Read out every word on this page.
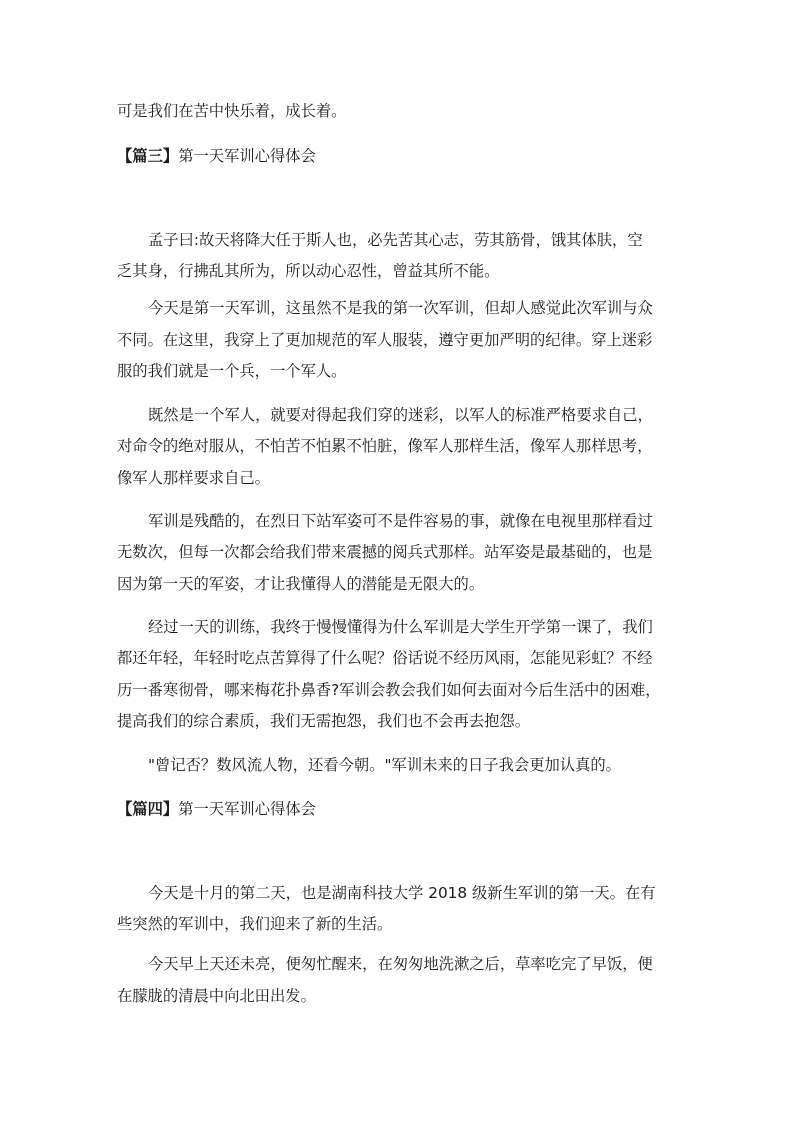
可是我们在苦中快乐着，成长着。
【篇三】第一天军训心得体会
孟子曰:故天将降大任于斯人也，必先苦其心志，劳其筋骨，饿其体肤，空
乏其身，行拂乱其所为，所以动心忍性，曾益其所不能。
今天是第一天军训，这虽然不是我的第一次军训，但却人感觉此次军训与众
不同。在这里，我穿上了更加规范的军人服装，遵守更加严明的纪律。穿上迷彩
服的我们就是一个兵，一个军人。
既然是一个军人，就要对得起我们穿的迷彩，以军人的标准严格要求自己，
对命令的绝对服从，不怕苦不怕累不怕脏，像军人那样生活，像军人那样思考，
像军人那样要求自己。
军训是残酷的，在烈日下站军姿可不是件容易的事，就像在电视里那样看过
无数次，但每一次都会给我们带来震撼的阅兵式那样。站军姿是最基础的，也是
因为第一天的军姿，才让我懂得人的潜能是无限大的。
经过一天的训练，我终于慢慢懂得为什么军训是大学生开学第一课了，我们
都还年轻，年轻时吃点苦算得了什么呢？俗话说不经历风雨，怎能见彩虹？不经
历一番寒彻骨，哪来梅花扑鼻香?军训会教会我们如何去面对今后生活中的困难，
提高我们的综合素质，我们无需抱怨，我们也不会再去抱怨。
"曾记否？数风流人物，还看今朝。"军训未来的日子我会更加认真的。
【篇四】第一天军训心得体会
今天是十月的第二天，也是湖南科技大学 2018 级新生军训的第一天。在有
些突然的军训中，我们迎来了新的生活。
今天早上天还未亮，便匆忙醒来，在匆匆地洗漱之后，草率吃完了早饭，便
在朦胧的清晨中向北田出发。
